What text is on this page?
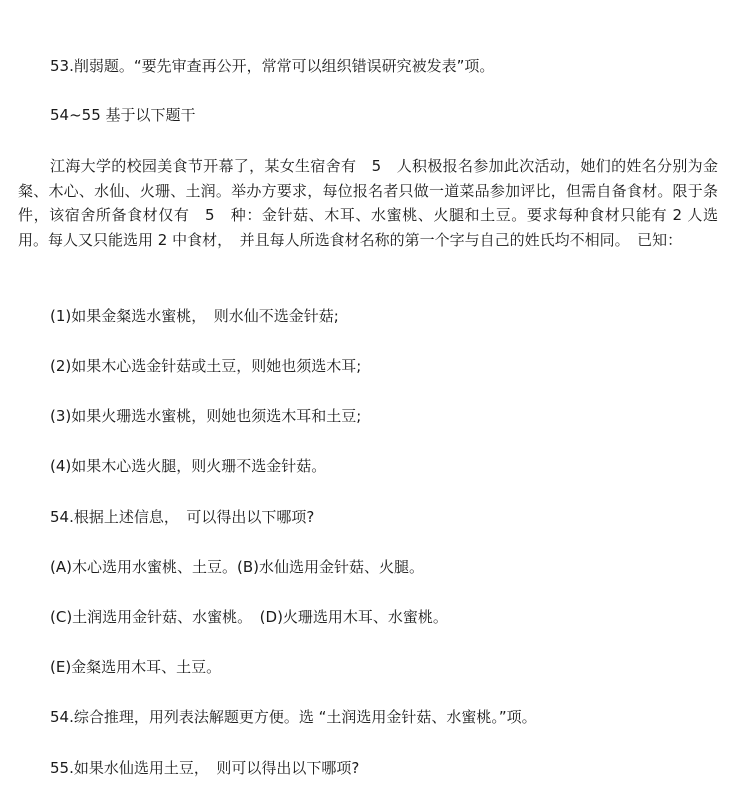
53.削弱题。“要先审查再公开，常常可以组织错误研究被发表”项。
54~55 基于以下题干
江海大学的校园美食节开幕了，某女生宿舍有　5　人积极报名参加此次活动，她们的姓名分别为金粲、木心、水仙、火珊、土润。举办方要求，每位报名者只做一道菜品参加评比，但需自备食材。限于条件，该宿舍所备食材仅有　5　种：金针菇、木耳、水蜜桃、火腿和土豆。要求每种食材只能有 2 人选用。每人又只能选用 2 中食材，　并且每人所选食材名称的第一个字与自己的姓氏均不相同。　已知：
(1)如果金粲选水蜜桃，　则水仙不选金针菇;
(2)如果木心选金针菇或土豆，则她也须选木耳;
(3)如果火珊选水蜜桃，则她也须选木耳和土豆;
(4)如果木心选火腿，则火珊不选金针菇。
54.根据上述信息，　可以得出以下哪项?
(A)木心选用水蜜桃、土豆。(B)水仙选用金针菇、火腿。
(C)土润选用金针菇、水蜜桃。　(D)火珊选用木耳、水蜜桃。
(E)金粲选用木耳、土豆。
54.综合推理，用列表法解题更方便。选 “土润选用金针菇、水蜜桃。”项。
55.如果水仙选用土豆，　则可以得出以下哪项?
